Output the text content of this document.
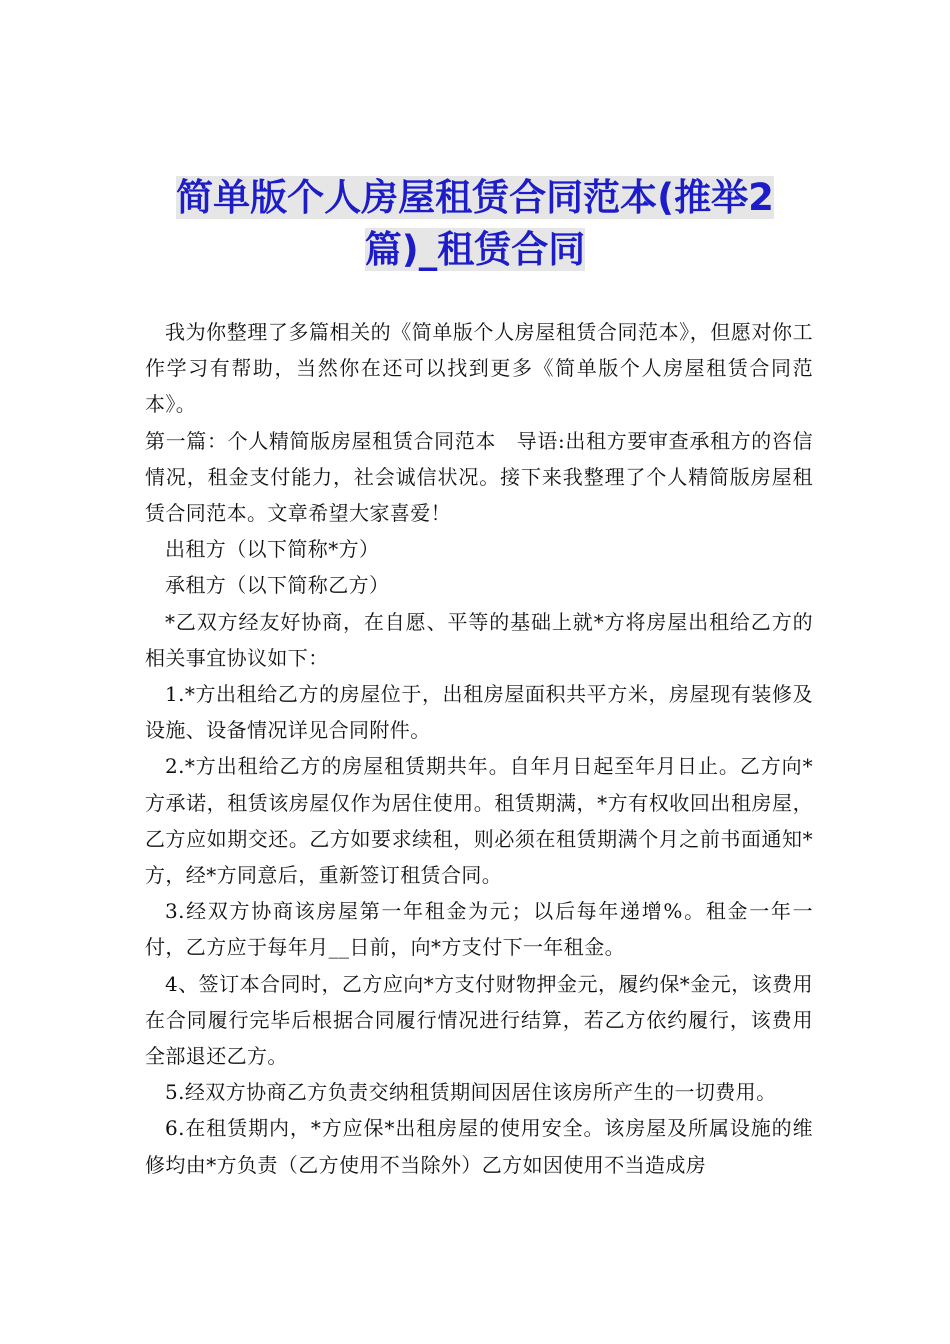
简单版个人房屋租赁合同范本(推举2
篇)_租赁合同

我为你整理了多篇相关的《简单版个人房屋租赁合同范本》，但愿对你工作学习有帮助，当然你在还可以找到更多《简单版个人房屋租赁合同范本》。

第一篇：个人精简版房屋租赁合同范本　导语:出租方要审查承租方的咨信情况，租金支付能力，社会诚信状况。接下来我整理了个人精简版房屋租赁合同范本。文章希望大家喜爱！

出租方（以下简称*方）

承租方（以下简称乙方）

*乙双方经友好协商，在自愿、平等的基础上就*方将房屋出租给乙方的相关事宜协议如下：

1.*方出租给乙方的房屋位于，出租房屋面积共平方米，房屋现有装修及设施、设备情况详见合同附件。

2.*方出租给乙方的房屋租赁期共年。自年月日起至年月日止。乙方向*方承诺，租赁该房屋仅作为居住使用。租赁期满，*方有权收回出租房屋，乙方应如期交还。乙方如要求续租，则必须在租赁期满个月之前书面通知*方，经*方同意后，重新签订租赁合同。

3.经双方协商该房屋第一年租金为元；以后每年递增%。租金一年一付，乙方应于每年月__日前，向*方支付下一年租金。

4、签订本合同时，乙方应向*方支付财物押金元，履约保*金元，该费用在合同履行完毕后根据合同履行情况进行结算，若乙方依约履行，该费用全部退还乙方。

5.经双方协商乙方负责交纳租赁期间因居住该房所产生的一切费用。

6.在租赁期内，*方应保*出租房屋的使用安全。该房屋及所属设施的维修均由*方负责（乙方使用不当除外）乙方如因使用不当造成房
